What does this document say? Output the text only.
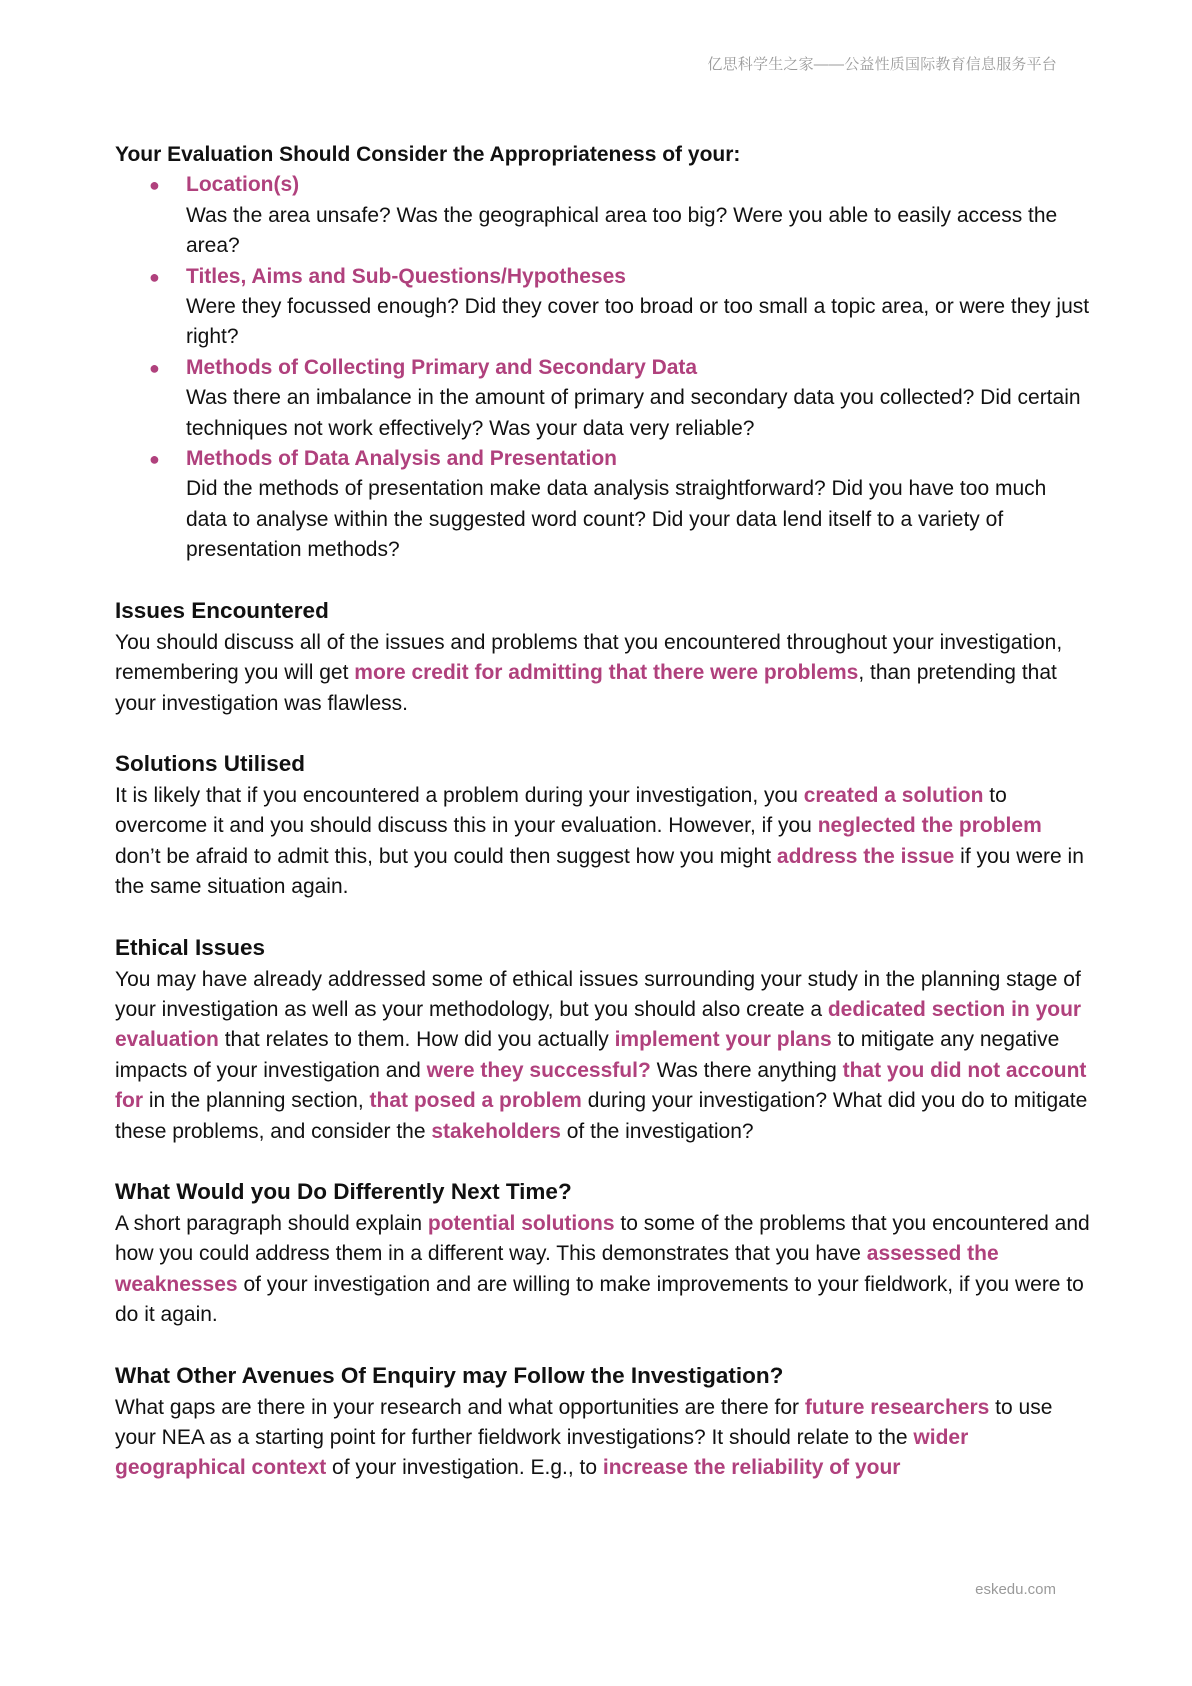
亿思科学生之家——公益性质国际教育信息服务平台

Your Evaluation Should Consider the Appropriateness of your:

● Location(s)
Was the area unsafe? Was the geographical area too big? Were you able to easily access the area?
● Titles, Aims and Sub-Questions/Hypotheses
Were they focussed enough? Did they cover too broad or too small a topic area, or were they just right?
● Methods of Collecting Primary and Secondary Data
Was there an imbalance in the amount of primary and secondary data you collected? Did certain techniques not work effectively? Was your data very reliable?
● Methods of Data Analysis and Presentation
Did the methods of presentation make data analysis straightforward? Did you have too much data to analyse within the suggested word count? Did your data lend itself to a variety of presentation methods?
Issues Encountered

You should discuss all of the issues and problems that you encountered throughout your investigation, remembering you will get more credit for admitting that there were problems, than pretending that your investigation was flawless.

Solutions Utilised

It is likely that if you encountered a problem during your investigation, you created a solution to overcome it and you should discuss this in your evaluation. However, if you neglected the problem don’t be afraid to admit this, but you could then suggest how you might address the issue if you were in the same situation again.

Ethical Issues

You may have already addressed some of ethical issues surrounding your study in the planning stage of your investigation as well as your methodology, but you should also create a dedicated section in your evaluation that relates to them. How did you actually implement your plans to mitigate any negative impacts of your investigation and were they successful? Was there anything that you did not account for in the planning section, that posed a problem during your investigation? What did you do to mitigate these problems, and consider the stakeholders of the investigation?

What Would you Do Differently Next Time?

A short paragraph should explain potential solutions to some of the problems that you encountered and how you could address them in a different way. This demonstrates that you have assessed the weaknesses of your investigation and are willing to make improvements to your fieldwork, if you were to do it again.

What Other Avenues Of Enquiry may Follow the Investigation?

What gaps are there in your research and what opportunities are there for future researchers to use your NEA as a starting point for further fieldwork investigations? It should relate to the wider geographical context of your investigation. E.g., to increase the reliability of your

eskedu.com
